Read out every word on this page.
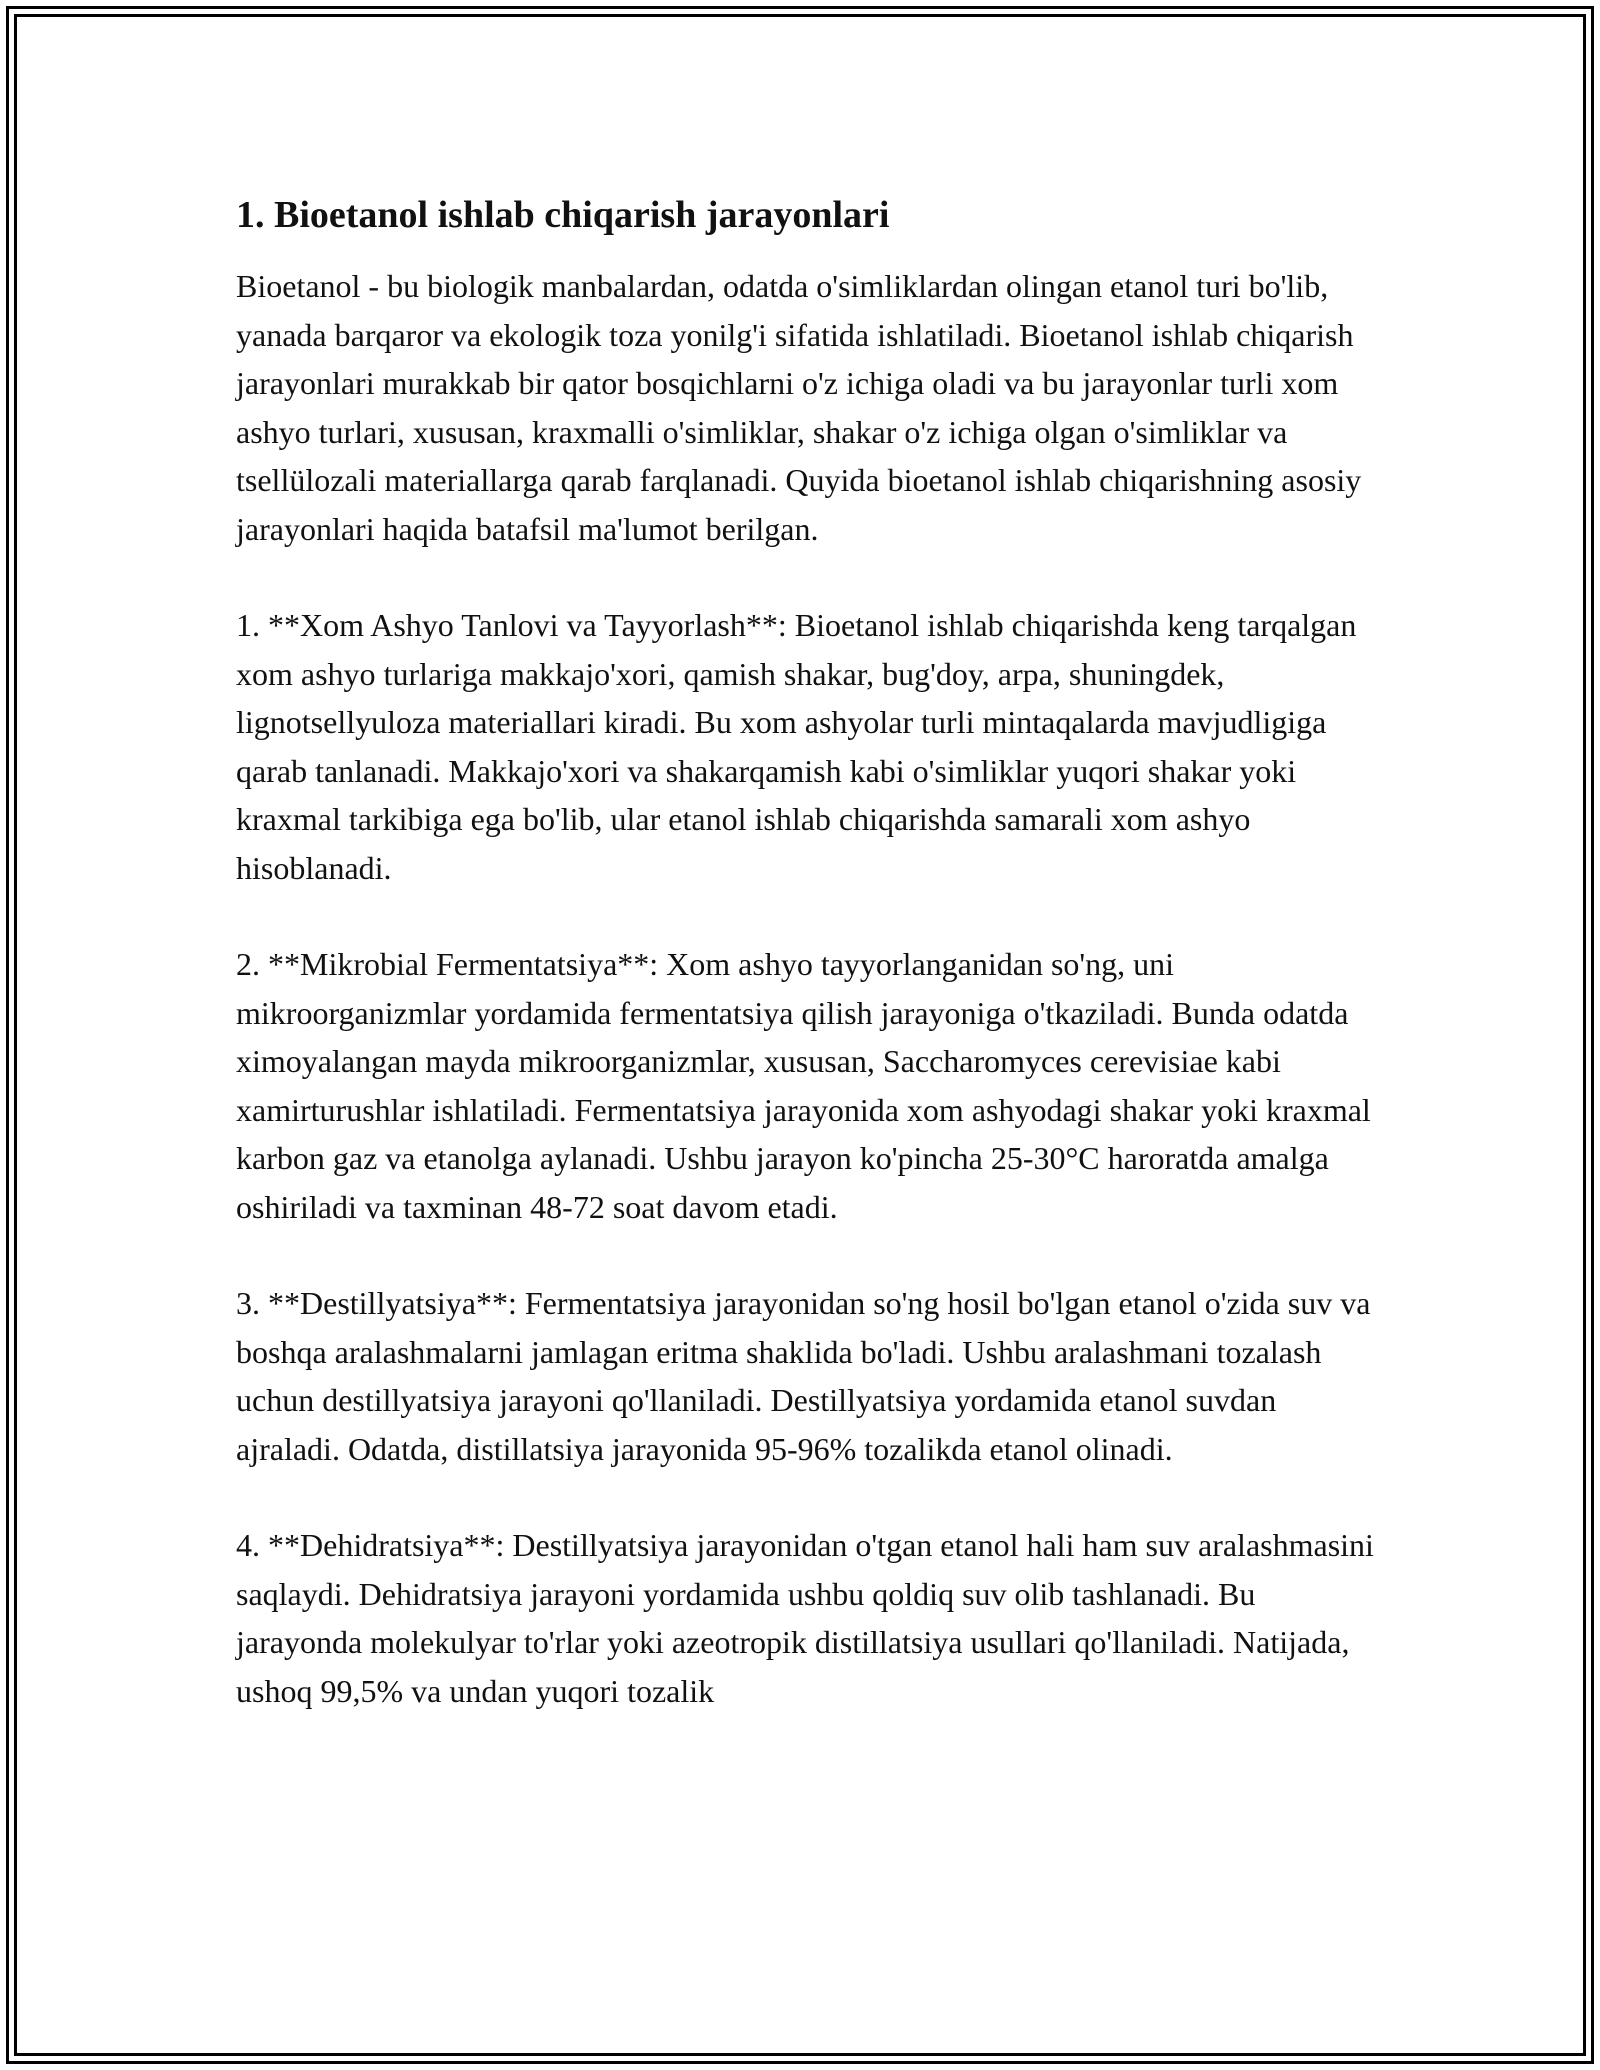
1. Bioetanol ishlab chiqarish jarayonlari

Bioetanol - bu biologik manbalardan, odatda o'simliklardan olingan etanol turi bo'lib, yanada barqaror va ekologik toza yonilg'i sifatida ishlatiladi. Bioetanol ishlab chiqarish jarayonlari murakkab bir qator bosqichlarni o'z ichiga oladi va bu jarayonlar turli xom ashyo turlari, xususan, kraxmalli o'simliklar, shakar o'z ichiga olgan o'simliklar va tsellülozali materiallarga qarab farqlanadi. Quyida bioetanol ishlab chiqarishning asosiy jarayonlari haqida batafsil ma'lumot berilgan.

1. **Xom Ashyo Tanlovi va Tayyorlash**: Bioetanol ishlab chiqarishda keng tarqalgan xom ashyo turlariga makkajo'xori, qamish shakar, bug'doy, arpa, shuningdek, lignotsellyuloza materiallari kiradi. Bu xom ashyolar turli mintaqalarda mavjudligiga qarab tanlanadi. Makkajo'xori va shakarqamish kabi o'simliklar yuqori shakar yoki kraxmal tarkibiga ega bo'lib, ular etanol ishlab chiqarishda samarali xom ashyo hisoblanadi.

2. **Mikrobial Fermentatsiya**: Xom ashyo tayyorlanganidan so'ng, uni mikroorganizmlar yordamida fermentatsiya qilish jarayoniga o'tkaziladi. Bunda odatda ximoyalangan mayda mikroorganizmlar, xususan, Saccharomyces cerevisiae kabi xamirturushlar ishlatiladi. Fermentatsiya jarayonida xom ashyodagi shakar yoki kraxmal karbon gaz va etanolga aylanadi. Ushbu jarayon ko'pincha 25-30°C haroratda amalga oshiriladi va taxminan 48-72 soat davom etadi.

3. **Destillyatsiya**: Fermentatsiya jarayonidan so'ng hosil bo'lgan etanol o'zida suv va boshqa aralashmalarni jamlagan eritma shaklida bo'ladi. Ushbu aralashmani tozalash uchun destillyatsiya jarayoni qo'llaniladi. Destillyatsiya yordamida etanol suvdan ajraladi. Odatda, distillatsiya jarayonida 95-96% tozalikda etanol olinadi.

4. **Dehidratsiya**: Destillyatsiya jarayonidan o'tgan etanol hali ham suv aralashmasini saqlaydi. Dehidratsiya jarayoni yordamida ushbu qoldiq suv olib tashlanadi. Bu jarayonda molekulyar to'rlar yoki azeotropik distillatsiya usullari qo'llaniladi. Natijada, ushoq 99,5% va undan yuqori tozalik
